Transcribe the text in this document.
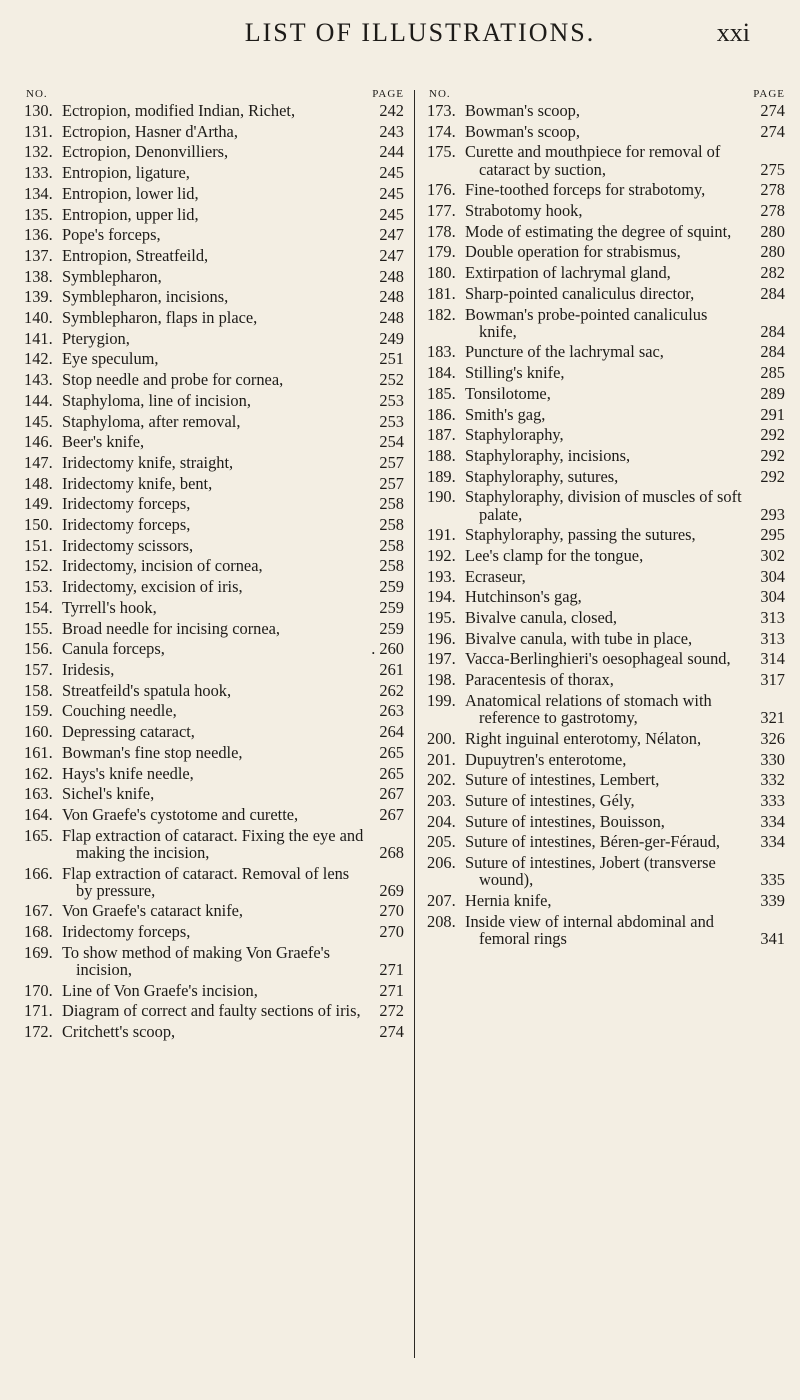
LIST OF ILLUSTRATIONS.	xxi
NO.	PAGE
130. Ectropion, modified Indian, Richet,	242
131. Ectropion, Hasner d'Artha,	243
132. Ectropion, Denonvilliers,	244
133. Entropion, ligature,	245
134. Entropion, lower lid,	245
135. Entropion, upper lid,	245
136. Pope's forceps,	247
137. Entropion, Streatfeild,	247
138. Symblepharon,	248
139. Symblepharon, incisions,	248
140. Symblepharon, flaps in place,	248
141. Pterygion,	249
142. Eye speculum,	251
143. Stop needle and probe for cornea,	252
144. Staphyloma, line of incision,	253
145. Staphyloma, after removal,	253
146. Beer's knife,	254
147. Iridectomy knife, straight,	257
148. Iridectomy knife, bent,	257
149. Iridectomy forceps,	258
150. Iridectomy forceps,	258
151. Iridectomy scissors,	258
152. Iridectomy, incision of cornea,	258
153. Iridectomy, excision of iris,	259
154. Tyrrell's hook,	259
155. Broad needle for incising cornea,	259
156. Canula forceps,	. 260
157. Iridesis,	261
158. Streatfeild's spatula hook,	262
159. Couching needle,	263
160. Depressing cataract,	264
161. Bowman's fine stop needle,	265
162. Hays's knife needle,	265
163. Sichel's knife,	267
164. Von Graefe's cystotome and curette,	267
165. Flap extraction of cataract. Fixing the eye and making the incision,	268
166. Flap extraction of cataract. Removal of lens by pressure,	269
167. Von Graefe's cataract knife,	270
168. Iridectomy forceps,	270
169. To show method of making Von Graefe's incision,	271
170. Line of Von Graefe's incision,	271
171. Diagram of correct and faulty sections of iris,	272
172. Critchett's scoop,	274
NO.	PAGE
173. Bowman's scoop,	274
174. Bowman's scoop,	274
175. Curette and mouthpiece for removal of cataract by suction,	275
176. Fine-toothed forceps for strabotomy,	278
177. Strabotomy hook,	278
178. Mode of estimating the degree of squint,	280
179. Double operation for strabismus,	280
180. Extirpation of lachrymal gland,	282
181. Sharp-pointed canaliculus director,	284
182. Bowman's probe-pointed canaliculus knife,	284
183. Puncture of the lachrymal sac,	284
184. Stilling's knife,	285
185. Tonsilotome,	289
186. Smith's gag,	291
187. Staphyloraphy,	292
188. Staphyloraphy, incisions,	292
189. Staphyloraphy, sutures,	292
190. Staphyloraphy, division of muscles of soft palate,	293
191. Staphyloraphy, passing the sutures,	295
192. Lee's clamp for the tongue,	302
193. Ecraseur,	304
194. Hutchinson's gag,	304
195. Bivalve canula, closed,	313
196. Bivalve canula, with tube in place,	313
197. Vacca-Berlinghieri's oesophageal sound,	314
198. Paracentesis of thorax,	317
199. Anatomical relations of stomach with reference to gastrotomy,	321
200. Right inguinal enterotomy, Nélaton,	326
201. Dupuytren's enterotome,	330
202. Suture of intestines, Lembert,	332
203. Suture of intestines, Gély,	333
204. Suture of intestines, Bouisson,	334
205. Suture of intestines, Béren-ger-Féraud,	334
206. Suture of intestines, Jobert (transverse wound),	335
207. Hernia knife,	339
208. Inside view of internal abdominal and femoral rings	341
